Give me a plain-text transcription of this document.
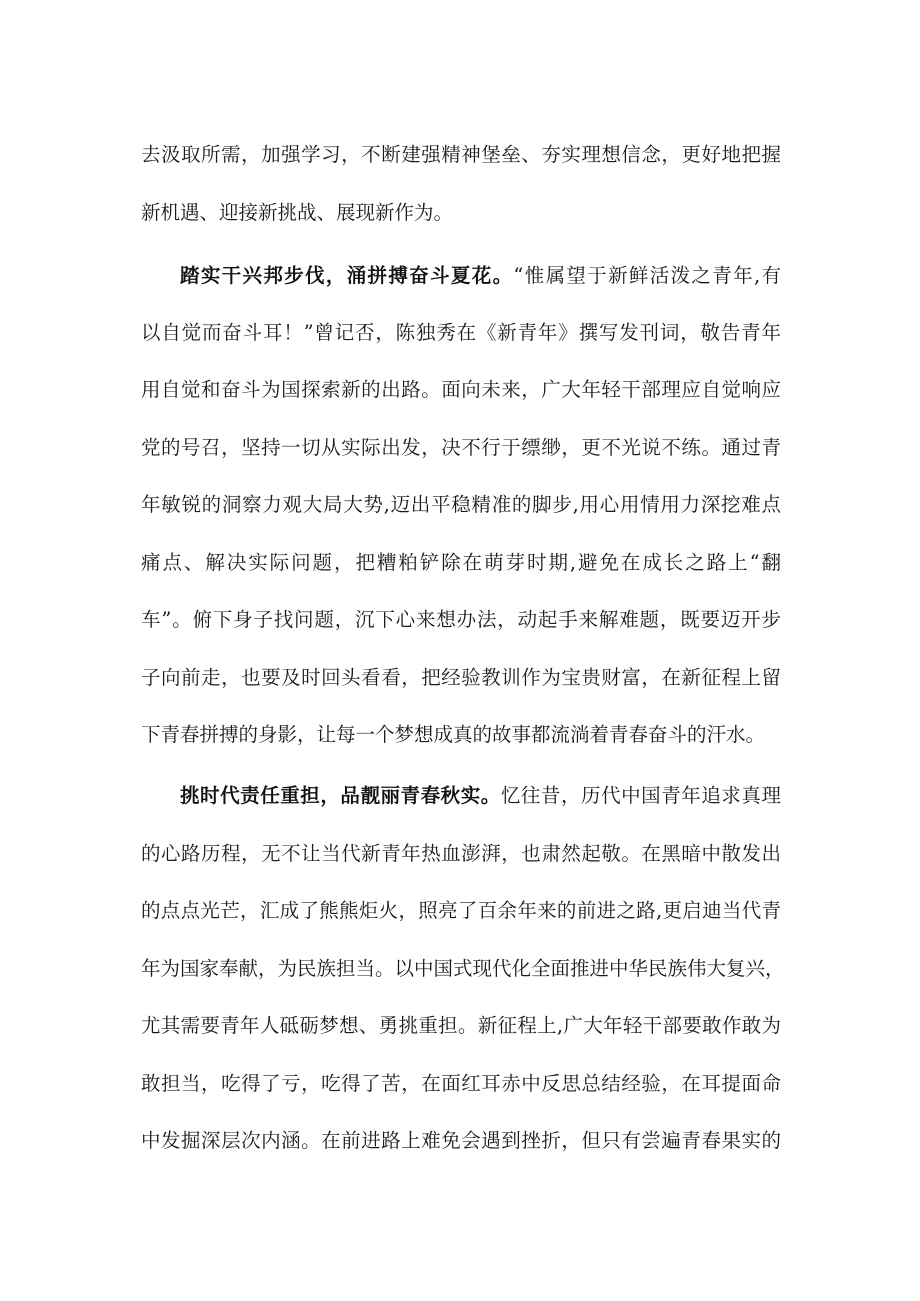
去汲取所需，加强学习，不断建强精神堡垒、夯实理想信念，更好地把握
新机遇、迎接新挑战、展现新作为。
踏实干兴邦步伐，涌拼搏奋斗夏花。“惟属望于新鲜活泼之青年,有
以自觉而奋斗耳！”曾记否，陈独秀在《新青年》撰写发刊词，敬告青年
用自觉和奋斗为国探索新的出路。面向未来，广大年轻干部理应自觉响应
党的号召，坚持一切从实际出发，决不行于缥缈，更不光说不练。通过青
年敏锐的洞察力观大局大势,迈出平稳精准的脚步,用心用情用力深挖难点
痛点、解决实际问题，把糟粕铲除在萌芽时期,避免在成长之路上“翻
车”。俯下身子找问题，沉下心来想办法，动起手来解难题，既要迈开步
子向前走，也要及时回头看看，把经验教训作为宝贵财富，在新征程上留
下青春拼搏的身影，让每一个梦想成真的故事都流淌着青春奋斗的汗水。
挑时代责任重担，品靓丽青春秋实。忆往昔，历代中国青年追求真理
的心路历程，无不让当代新青年热血澎湃，也肃然起敬。在黑暗中散发出
的点点光芒，汇成了熊熊炬火，照亮了百余年来的前进之路,更启迪当代青
年为国家奉献，为民族担当。以中国式现代化全面推进中华民族伟大复兴，
尤其需要青年人砥砺梦想、勇挑重担。新征程上,广大年轻干部要敢作敢为
敢担当，吃得了亏，吃得了苦，在面红耳赤中反思总结经验，在耳提面命
中发掘深层次内涵。在前进路上难免会遇到挫折，但只有尝遍青春果实的
